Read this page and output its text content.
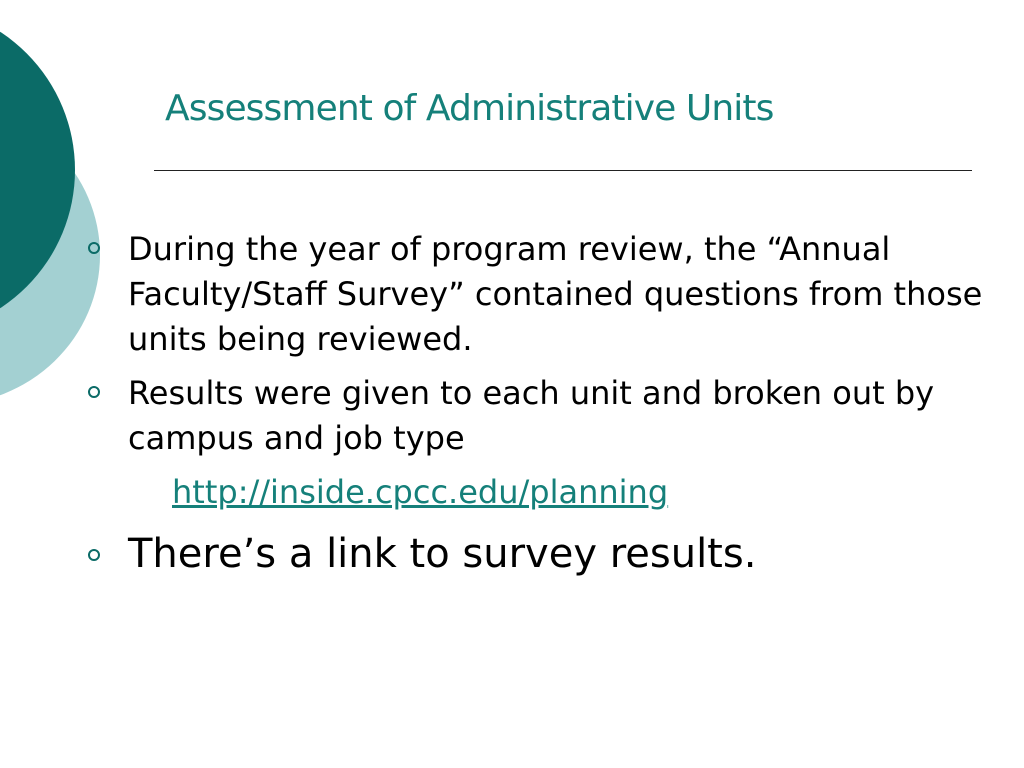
Assessment of Administrative Units
During the year of program review, the “Annual Faculty/Staff Survey” contained questions from those units being reviewed.
Results were given to each unit and broken out by campus and job type
http://inside.cpcc.edu/planning
There’s a link to survey results.
